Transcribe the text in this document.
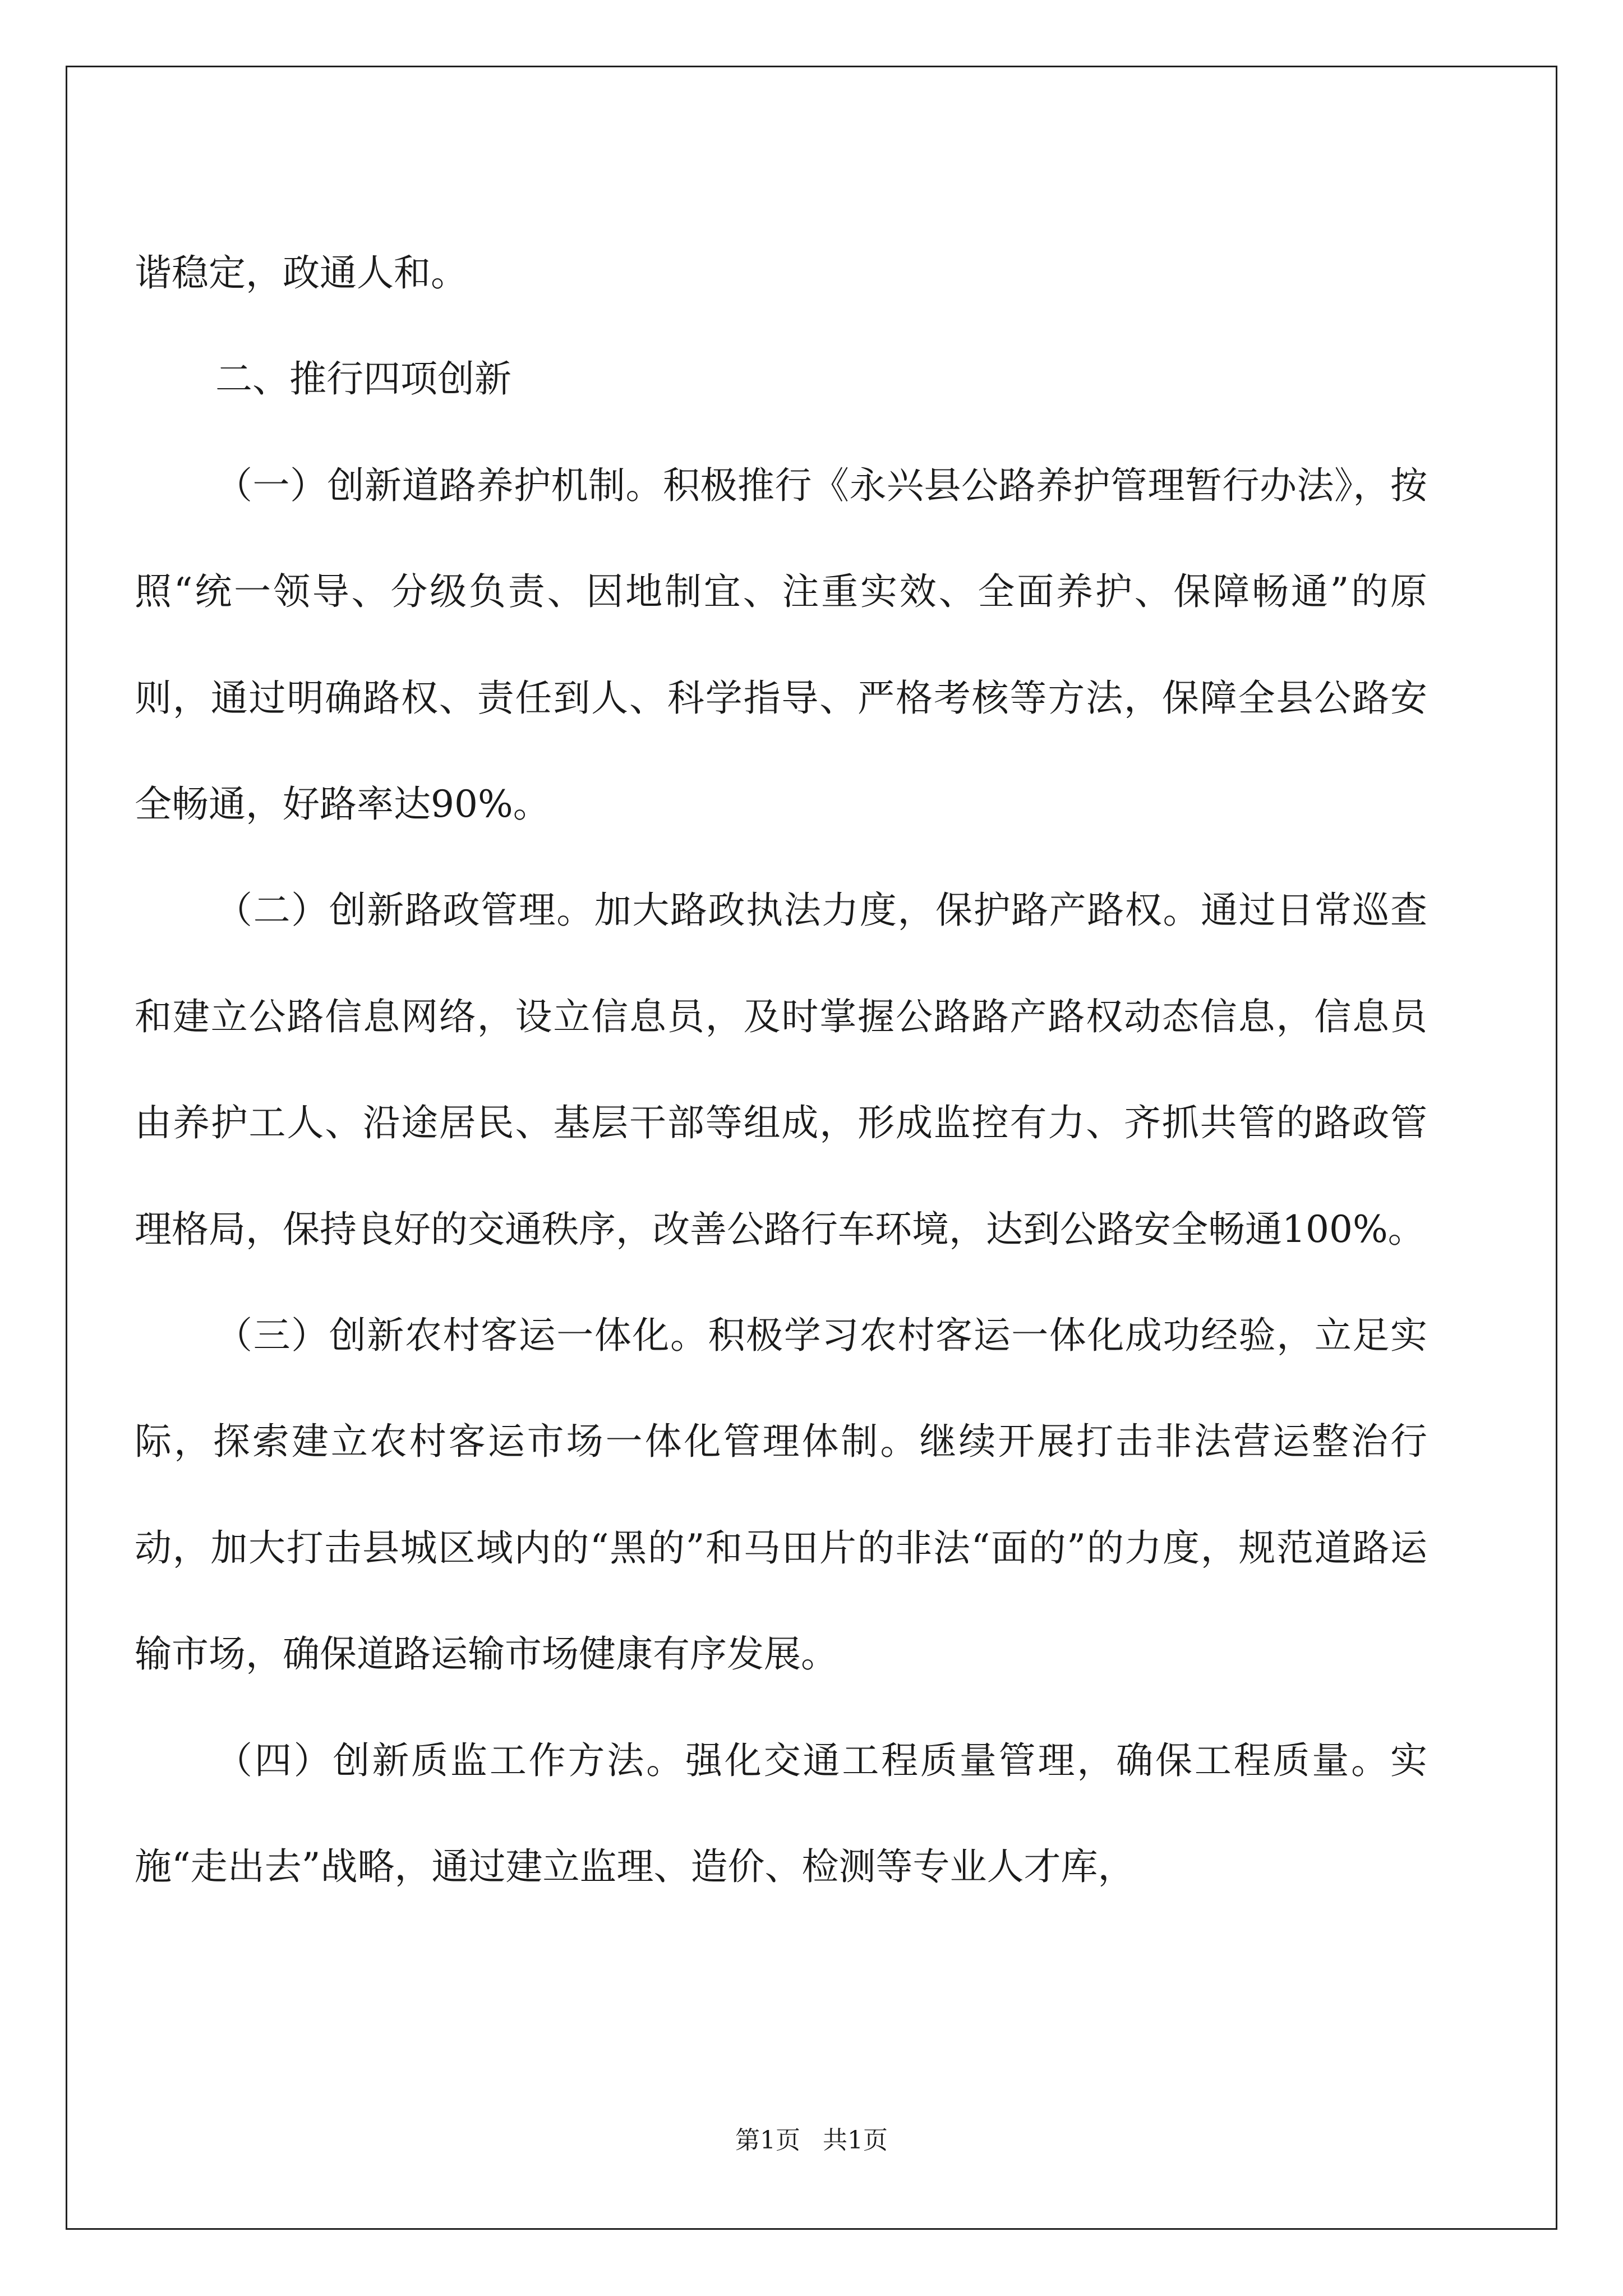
谐稳定，政通人和。

二、推行四项创新

（一）创新道路养护机制。积极推行《永兴县公路养护管理暂行办法》，按照“统一领导、分级负责、因地制宜、注重实效、全面养护、保障畅通”的原则，通过明确路权、责任到人、科学指导、严格考核等方法，保障全县公路安全畅通，好路率达90%。

（二）创新路政管理。加大路政执法力度，保护路产路权。通过日常巡查和建立公路信息网络，设立信息员，及时掌握公路路产路权动态信息，信息员由养护工人、沿途居民、基层干部等组成，形成监控有力、齐抓共管的路政管理格局，保持良好的交通秩序，改善公路行车环境，达到公路安全畅通100%。

（三）创新农村客运一体化。积极学习农村客运一体化成功经验，立足实际，探索建立农村客运市场一体化管理体制。继续开展打击非法营运整治行动，加大打击县城区域内的“黑的”和马田片的非法“面的”的力度，规范道路运输市场，确保道路运输市场健康有序发展。

（四）创新质监工作方法。强化交通工程质量管理，确保工程质量。实施“走出去”战略，通过建立监理、造价、检测等专业人才库，

第1页 共1页
